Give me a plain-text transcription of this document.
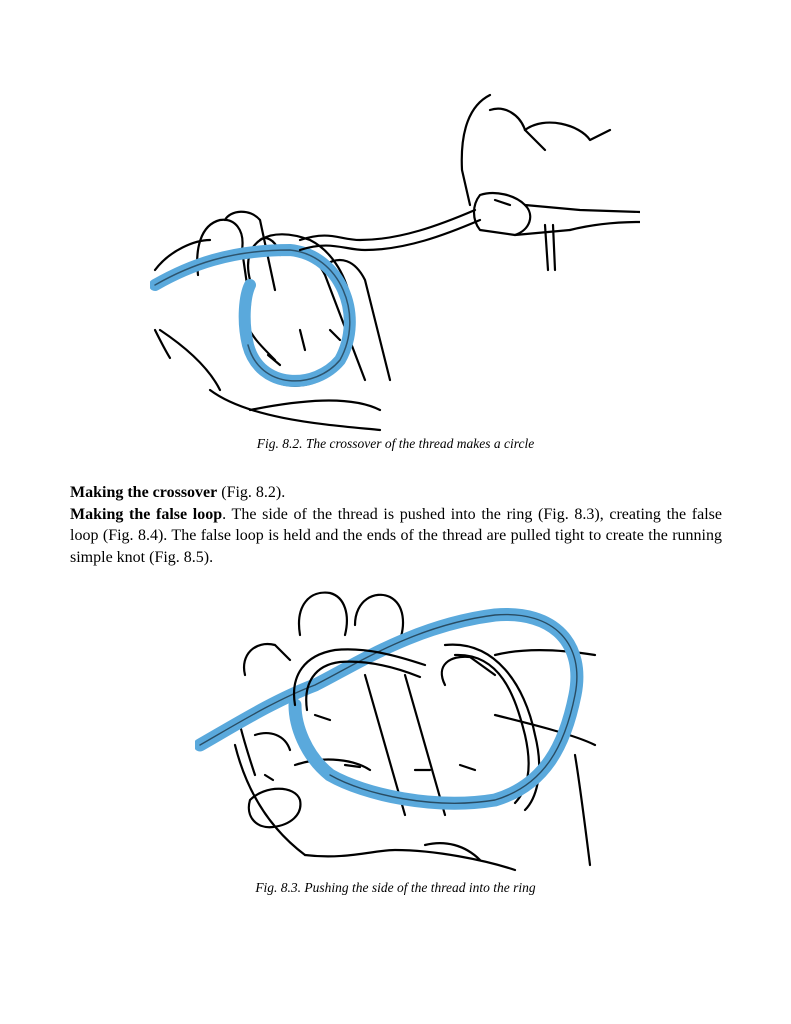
Fig. 8.2. The crossover of the thread makes a circle

Making the crossover (Fig. 8.2).

Making the false loop. The side of the thread is pushed into the ring (Fig. 8.3), creating the false loop (Fig. 8.4). The false loop is held and the ends of the thread are pulled tight to create the running simple knot (Fig. 8.5).

Fig. 8.3. Pushing the side of the thread into the ring
